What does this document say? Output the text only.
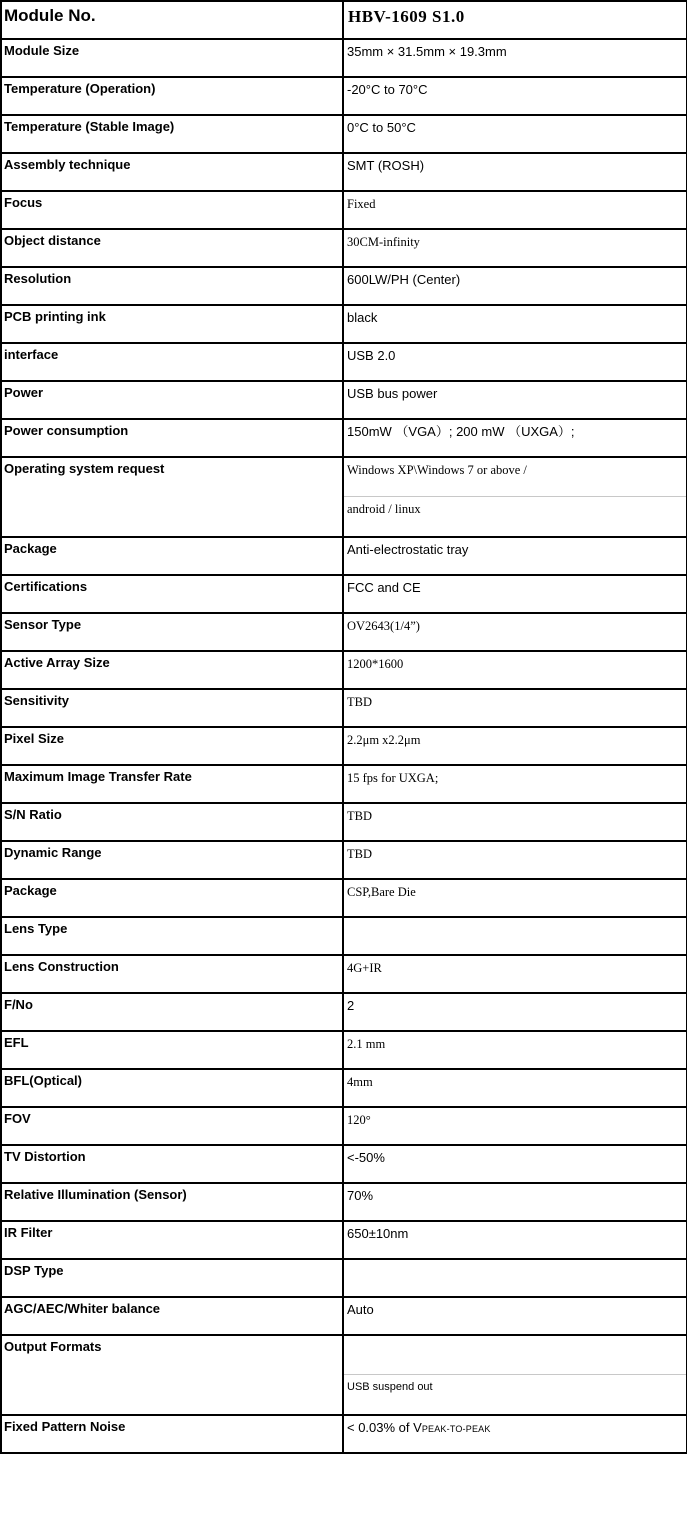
Module No.	HBV-1609 S1.0

Module Size	35mm × 31.5mm × 19.3mm

Temperature (Operation)	-20°C to 70°C

Temperature (Stable Image)	0°C to 50°C

Assembly technique	SMT (ROSH)

Focus	Fixed

Object distance	30CM-infinity

Resolution	600LW/PH (Center)

PCB printing ink	black

interface	USB 2.0

Power	USB bus power

Power consumption	150mW （VGA）; 200 mW （UXGA）;

Operating system request	Windows XP\Windows 7 or above /
android / linux

Package	Anti-electrostatic tray

Certifications	FCC and CE

Sensor Type	OV2643(1/4”)

Active Array Size	1200*1600

Sensitivity	TBD

Pixel Size	2.2μm x2.2μm

Maximum Image Transfer Rate	15 fps for UXGA;

S/N Ratio	TBD

Dynamic Range	TBD

Package	CSP,Bare Die

Lens Type	

Lens Construction	4G+IR

F/No	2

EFL	2.1 mm

BFL(Optical)	4mm

FOV	120°

TV Distortion	<-50%

Relative Illumination (Sensor)	70%

IR Filter	650±10nm

DSP Type	

AGC/AEC/Whiter balance	Auto

Output Formats	USB suspend out

Fixed Pattern Noise	< 0.03% of VPEAK-TO-PEAK
